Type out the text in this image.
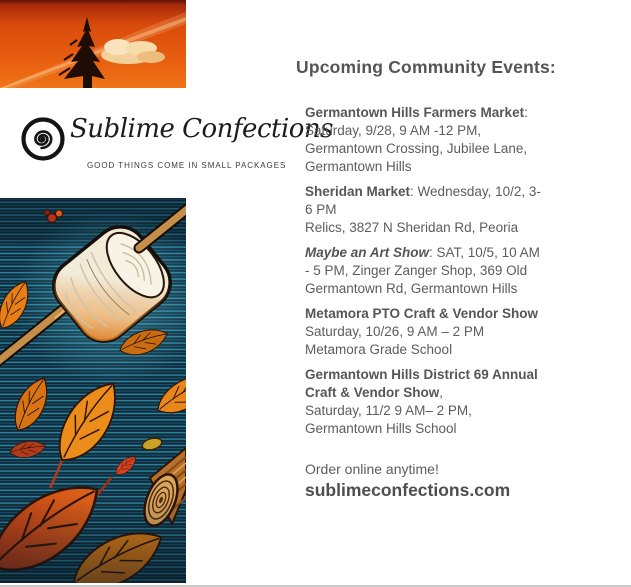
Sublime Confections
GOOD THINGS COME IN SMALL PACKAGES
Upcoming Community Events:

Germantown Hills Farmers Market: Saturday, 9/28, 9 AM -12 PM,  Germantown Crossing, Jubilee Lane, Germantown Hills

Sheridan Market: Wednesday, 10/2, 3-6 PM
Relics, 3827 N Sheridan Rd, Peoria

Maybe an Art Show: SAT, 10/5, 10 AM - 5 PM, Zinger Zanger Shop, 369 Old Germantown Rd, Germantown Hills

Metamora PTO Craft & Vendor Show
Saturday, 10/26, 9 AM – 2 PM
Metamora Grade School

Germantown Hills District 69 Annual Craft & Vendor Show,
Saturday, 11/2 9 AM– 2 PM,
Germantown Hills School

Order online anytime!
sublimeconfections.com
